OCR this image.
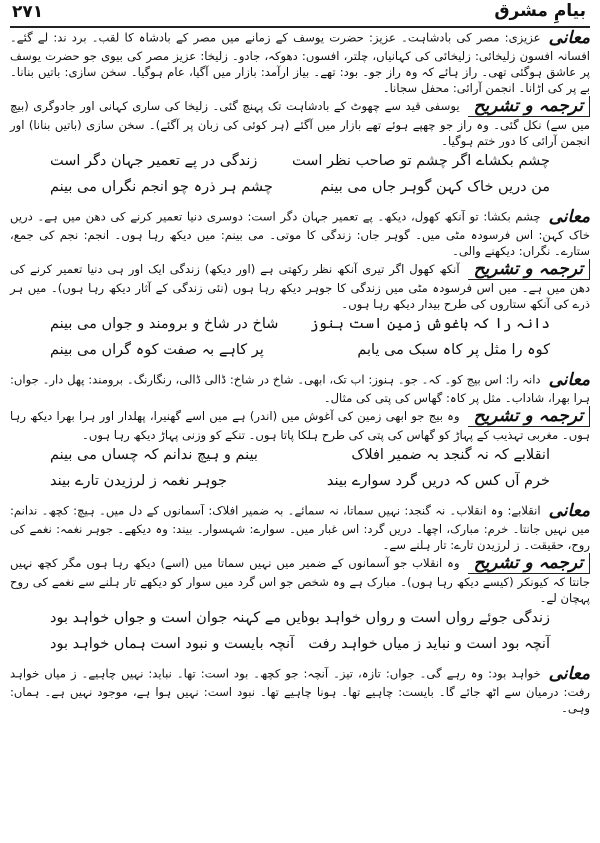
۲۷۱	بیامِ مشرق

معانیعزیزی: مصر کی بادشاہت۔ عزیز: حضرت یوسف کے زمانے میں مصر کے بادشاہ کا لقب۔ برد ند: لے گئے۔ افسانہ افسون زلیخائی: زلیخائی کی کہانیاں، چلتر، افسوں: دھوکہ، جادو۔ زلیخا: عزیز مصر کی بیوی جو حضرت یوسف پر عاشق ہوگئی تھی۔ راز ہائے کہ وہ راز جو۔ بود: تھے۔ بیاز ارآمد: بازار میں آگیا، عام ہوگیا۔ سخن سازی: باتیں بنانا۔ بے پر کی اڑانا۔ انجمن آرائی: محفل سجانا۔

ترجمہ و تشریحیوسفی قید سے چھوٹ کے بادشاہت تک پہنچ گئی۔ زلیخا کی ساری کہانی اور جادوگری (بیچ میں سے) نکل گئی۔ وہ راز جو چھپے ہوئے تھے بازار میں آگئے (ہر کوئی کی زبان پر آگئے)۔ سخن سازی (باتیں بنانا) اور انجمن آرائی کا دور ختم ہوگیا۔

چشم بکشاے اگر چشم تو صاحب نظر است
زندگی در پے تعمیر جہان دگر است
من دریں خاک کہن گوہر جاں می بینم
چشم ہر ذرہ چو انجم نگراں می بینم

معانیچشم بکشا: تو آنکھ کھول، دیکھ۔ پے تعمیر جہان دگر است: دوسری دنیا تعمیر کرنے کی دھن میں ہے۔ دریں خاک کہن: اس فرسودہ مٹی میں۔ گوہر جاں: زندگی کا موتی۔ می بینم: میں دیکھ رہا ہوں۔ انجم: نجم کی جمع، ستارے۔ نگراں: دیکھنے والی۔

ترجمہ و تشریحآنکھ کھول اگر تیری آنکھ نظر رکھتی ہے (اور دیکھ) زندگی ایک اور ہی دنیا تعمیر کرنے کی دھن میں ہے۔ میں اس فرسودہ مٹی میں زندگی کا جوہر دیکھ رہا ہوں (نئی زندگی کے آثار دیکھ رہا ہوں)۔ میں ہر ذرے کی آنکھ ستاروں کی طرح بیدار دیکھ رہا ہوں۔

دانہ را کہ باغوش زمین است ہنوز
شاخ در شاخ و برومند و جواں می بینم
کوہ را مثل پر کاہ سبک می یابم
پر کاہے بہ صفت کوہ گراں می بینم

معانیدانہ را: اس بیج کو۔ کہ۔ جو۔ ہنوز: اب تک، ابھی۔ شاخ در شاخ: ڈالی ڈالی، رنگارنگ۔ برومند: پھل دار۔ جواں: ہرا بھرا، شاداب۔ مثل پر کاہ: گھاس کی پتی کی مثال۔

ترجمہ و تشریحوہ بیج جو ابھی زمین کی آغوش میں (اندر) ہے میں اسے گھنیرا، پھلدار اور ہرا بھرا دیکھ رہا ہوں۔ مغربی تہذیب کے پہاڑ کو گھاس کی پتی کی طرح ہلکا پاتا ہوں۔ تنکے کو وزنی پہاڑ دیکھ رہا ہوں۔

انقلابے کہ نہ گنجد بہ ضمیر افلاک
بینم و ہیچ ندانم کہ چساں می بینم
خرم آں کس کہ دریں گرد سوارے بیند
جوہر نغمہ ز لرزیدن تارے بیند

معانیانقلابے: وہ انقلاب۔ نہ گنجد: نہیں سماتا، نہ سمائے۔ بہ ضمیر افلاک: آسمانوں کے دل میں۔ ہیچ: کچھ۔ ندانم: میں نہیں جانتا۔ خرم: مبارک، اچھا۔ دریں گرد: اس غبار میں۔ سوارے: شہسوار۔ بیند: وہ دیکھے۔ جوہر نغمہ: نغمے کی روح، حقیقت۔ ز لرزیدن تارے: تار ہلنے سے۔

ترجمہ و تشریحوہ انقلاب جو آسمانوں کے ضمیر میں نہیں سماتا میں (اسے) دیکھ رہا ہوں مگر کچھ نہیں جانتا کہ کیونکر (کیسے دیکھ رہا ہوں)۔ مبارک ہے وہ شخص جو اس گرد میں سوار کو دیکھے تار ہلنے سے نغمے کی روح پہچان لے۔

زندگی جوئے رواں است و رواں خواہد بود
ایں مے کہنہ جوان است و جواں خواہد بود
آنچہ بود است و نباید ز میاں خواہد رفت
آنچہ بایست و نبود است ہماں خواہد بود

معانیخواہد بود: وہ رہے گی۔ جواں: تازہ، تیز۔ آنچہ: جو کچھ۔ بود است: تھا۔ نباید: نہیں چاہیے۔ ز میاں خواہد رفت: درمیان سے اٹھ جائے گا۔ بایست: چاہیے تھا۔ ہونا چاہیے تھا۔ نبود است: نہیں ہوا ہے، موجود نہیں ہے۔ ہماں: وہی۔
